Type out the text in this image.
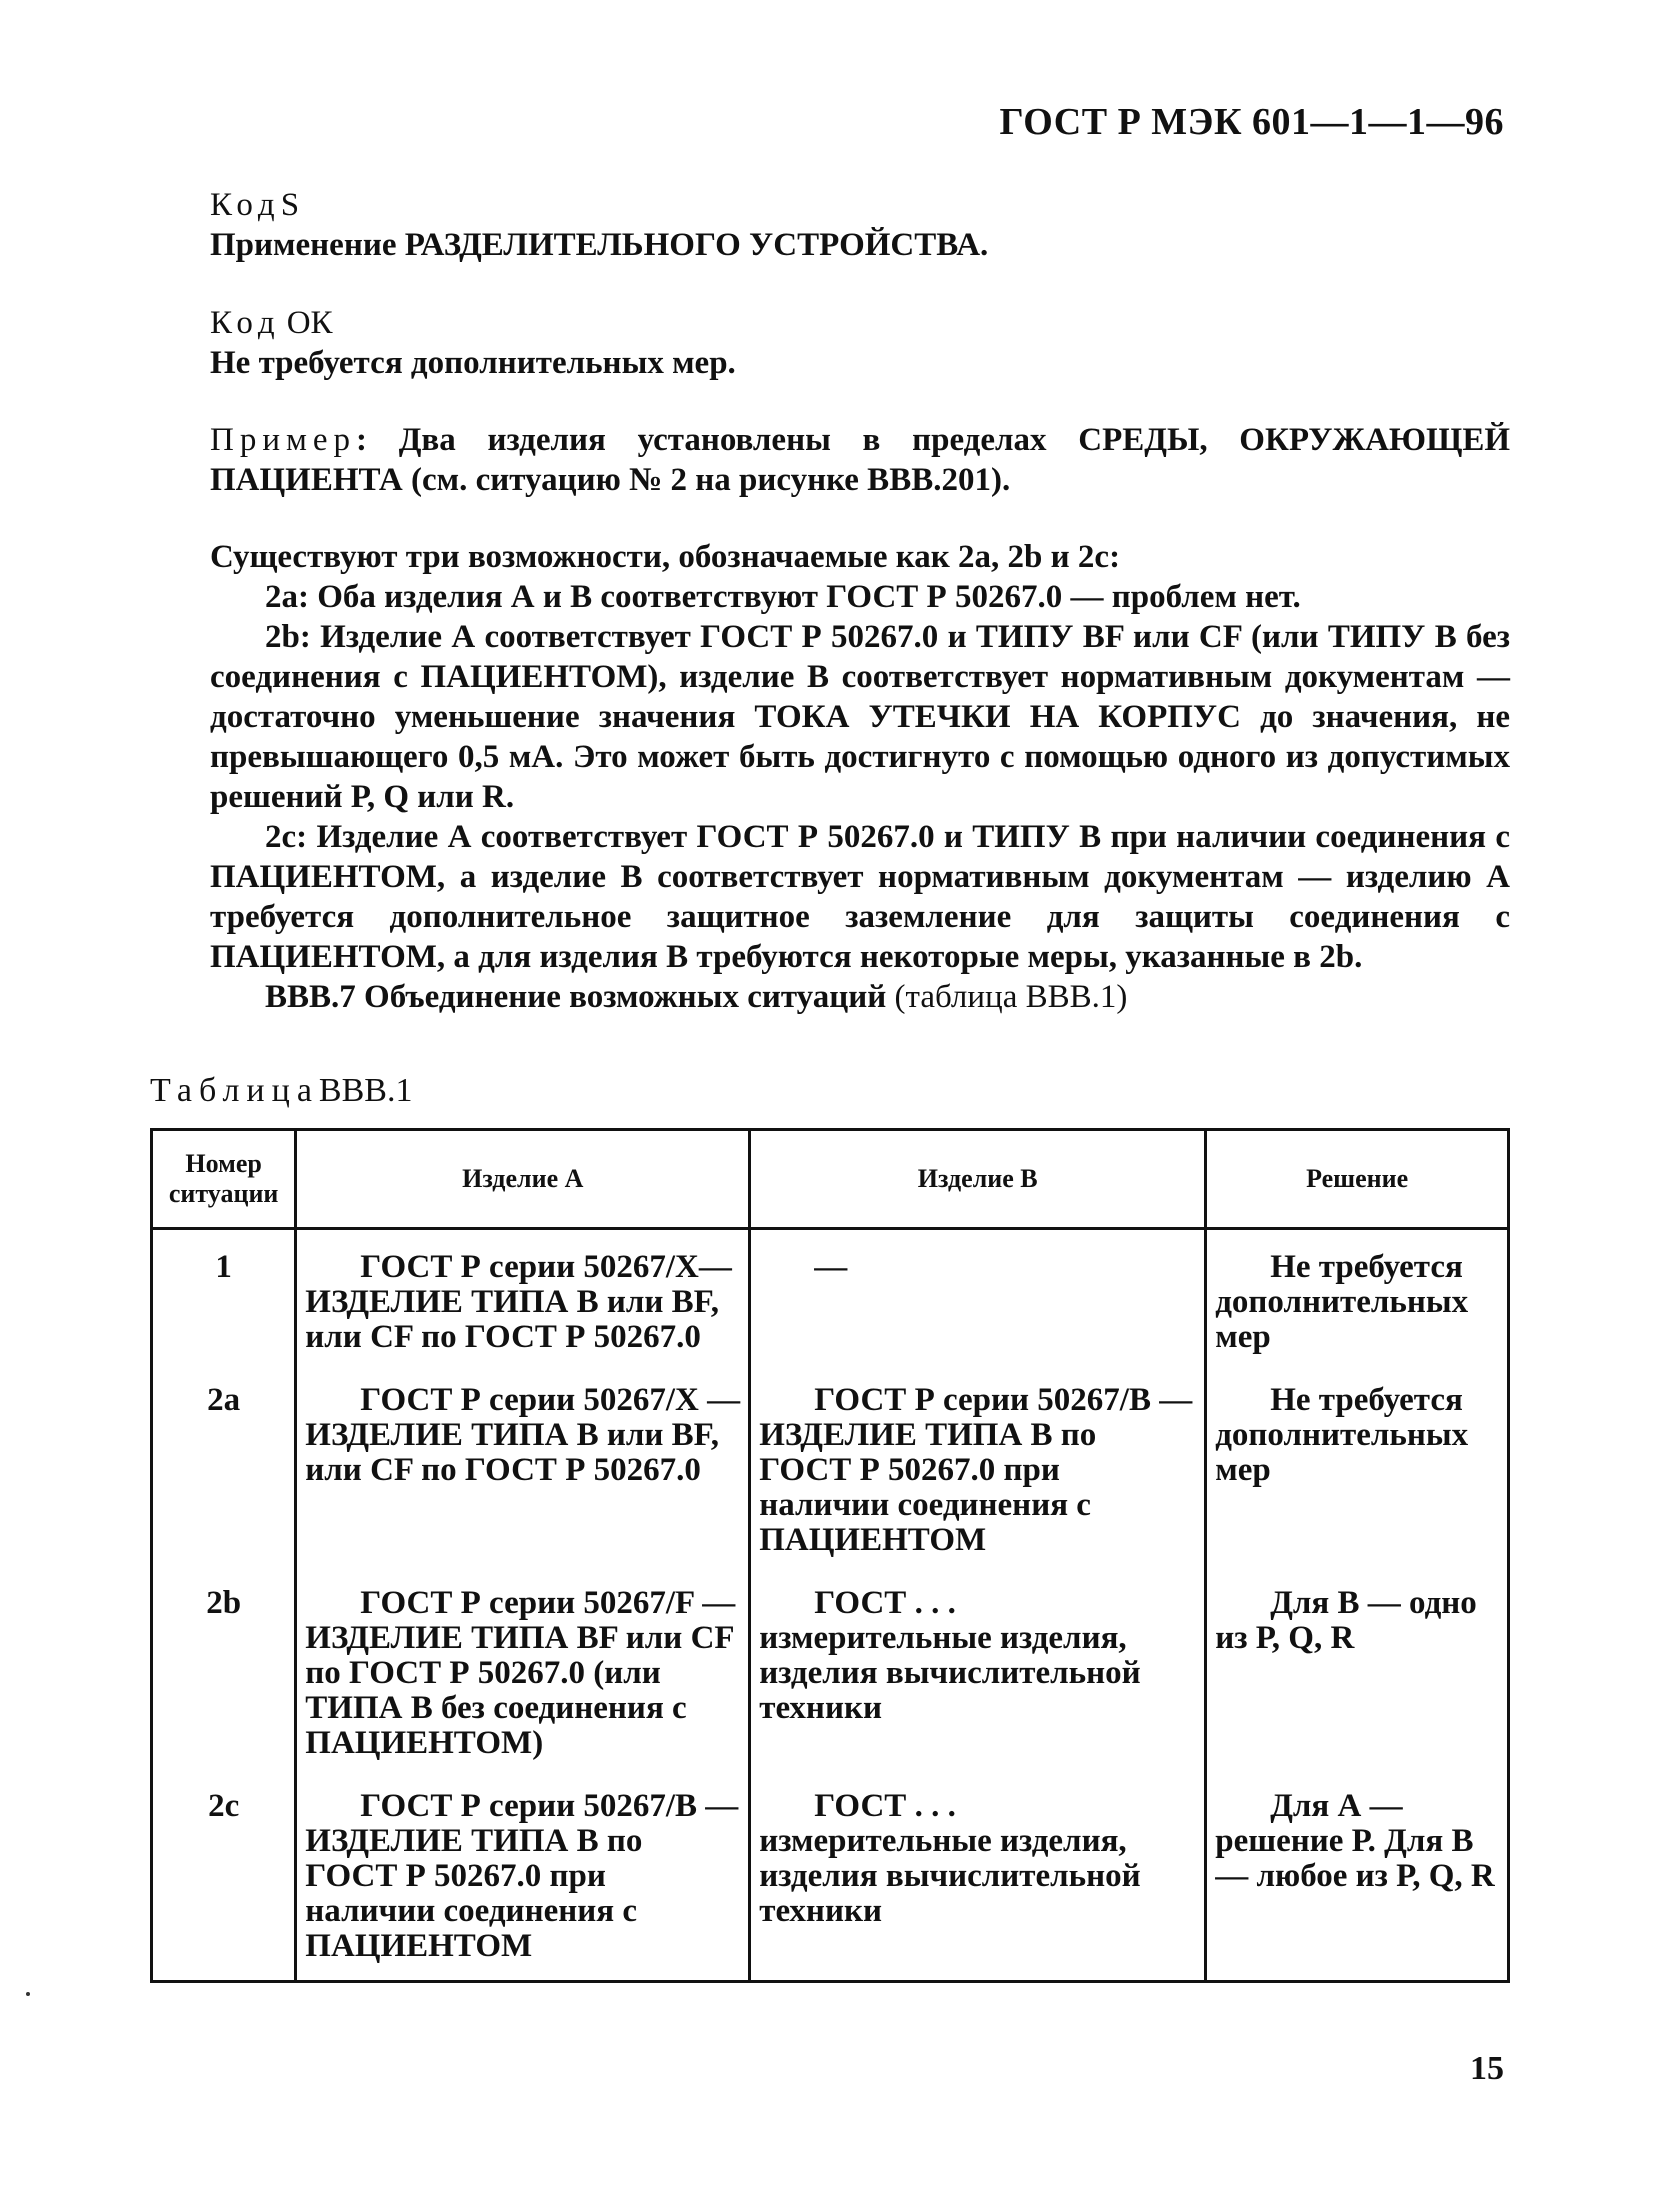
ГОСТ Р МЭК 601—1—1—96
КодS
Применение РАЗДЕЛИТЕЛЬНОГО УСТРОЙСТВА.
Код ОК
Не требуется дополнительных мер.
Пример: Два изделия установлены в пределах СРЕДЫ, ОКРУЖАЮЩЕЙ ПАЦИЕНТА (см. ситуацию № 2 на рисунке ВВВ.201).

Существуют три возможности, обозначаемые как 2а, 2b и 2с:

2а: Оба изделия А и В соответствуют ГОСТ Р 50267.0 — проблем нет.

2b: Изделие А соответствует ГОСТ Р 50267.0 и ТИПУ BF или CF (или ТИПУ В без соединения с ПАЦИЕНТОМ), изделие В соответствует нормативным документам — достаточно уменьшение значения ТОКА УТЕЧКИ НА КОРПУС до значения, не превышающего 0,5 мА. Это может быть достигнуто с помощью одного из допустимых решений Р, Q или R.

2с: Изделие А соответствует ГОСТ Р 50267.0 и ТИПУ В при наличии соединения с ПАЦИЕНТОМ, а изделие В соответствует нормативным документам — изделию А требуется дополнительное защитное заземление для защиты соединения с ПАЦИЕНТОМ, а для изделия В требуются некоторые меры, указанные в 2b.

ВВВ.7 Объединение возможных ситуаций (таблица ВВВ.1)

ТаблицаВВВ.1
Номер ситуации	Изделие А	Изделие В	Решение
1	ГОСТ Р серии 50267/X— ИЗДЕЛИЕ ТИПА В или BF, или CF по ГОСТ Р 50267.0	—	Не требуется дополнительных мер
2а	ГОСТ Р серии 50267/X — ИЗДЕЛИЕ ТИПА В или BF, или CF по ГОСТ Р 50267.0	ГОСТ Р серии 50267/В — ИЗДЕЛИЕ ТИПА В по ГОСТ Р 50267.0 при наличии соединения с ПАЦИЕНТОМ	Не требуется дополнительных мер
2b	ГОСТ Р серии 50267/F — ИЗДЕЛИЕ ТИПА BF или CF по ГОСТ Р 50267.0 (или ТИПА В без соединения с ПАЦИЕНТОМ)	ГОСТ . . . измерительные изделия, изделия вычислительной техники	Для В — одно из Р, Q, R
2с	ГОСТ Р серии 50267/В — ИЗДЕЛИЕ ТИПА В по ГОСТ Р 50267.0 при наличии соединения с ПАЦИЕНТОМ	ГОСТ . . . измерительные изделия, изделия вычислительной техники	Для А — решение Р. Для В — любое из Р, Q, R
15
